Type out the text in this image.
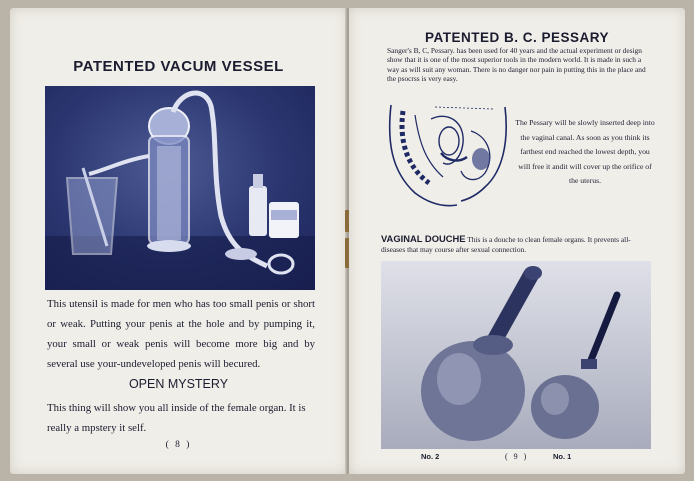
PATENTED VACUM VESSEL
This utensil is made for men who has too small penis or short or weak. Putting your penis at the hole and by pumping it, your small or weak penis will become more big and by several use your-undeveloped penis will becured.
OPEN MYSTERY
This thing will show you all inside of the female organ. It is really a mpstery it self.
( 8 )
PATENTED B. C. PESSARY
Sanger's B, C, Pessary. has been used for 40 years and the actual experiment or design show that it is one of the most superior tools in the modern world. It is made in such a way as will suit any woman. There is no danger nor pain in putting this in the place and the psocrss is very easy.
The Pessary will be slowly inserted deep into the vaginal canal. As soon as you think its farthest end reached the lowest depth, you will free it andit will cover up the orifice of the uterus.
VAGINAL DOUCHE This is a douche to clean female organs. It prevents all-diseases that may course after sexual connection.
No. 2	( 9 )	No. 1
